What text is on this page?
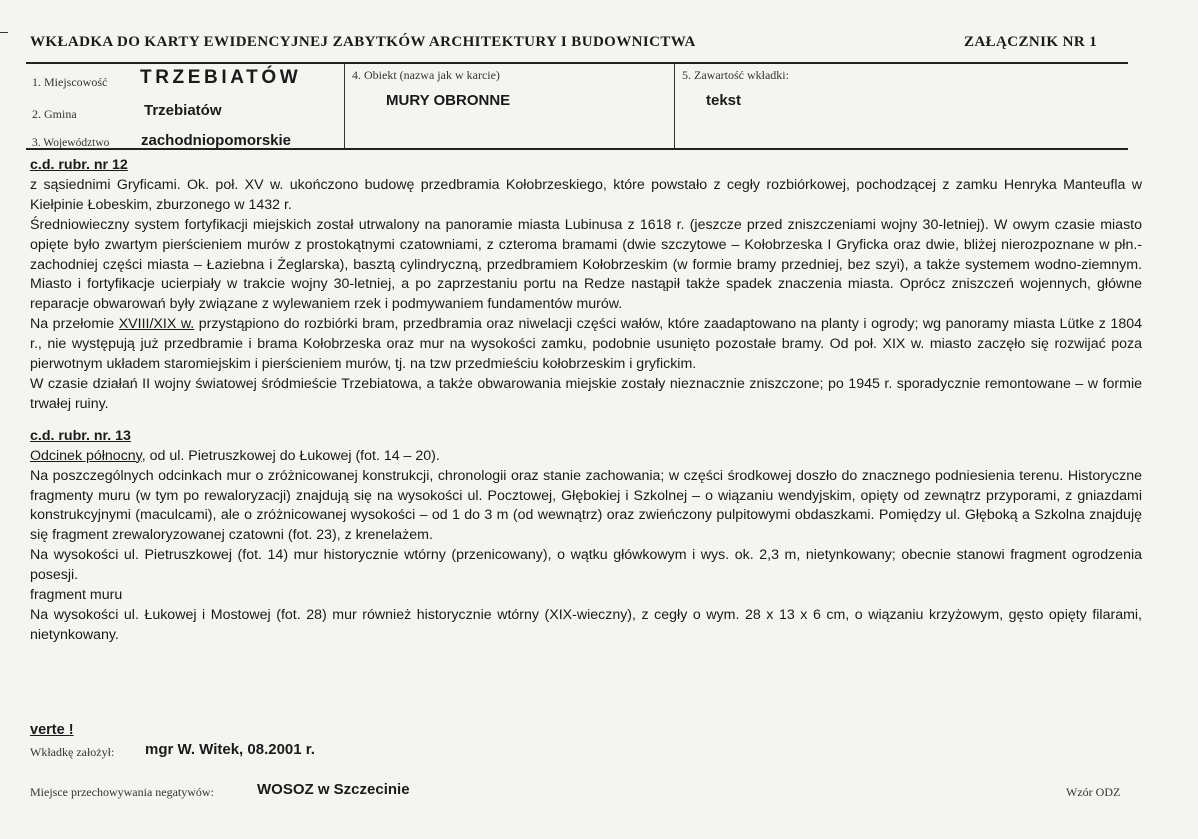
WKŁADKA DO KARTY EWIDENCYJNEJ ZABYTKÓW ARCHITEKTURY I BUDOWNICTWA	ZAŁĄCZNIK NR 1
1. Miejscowość TRZEBIATÓW
2. Gmina	Trzebiatów
3. Województwo zachodniopomorskie
4. Obiekt (nazwa jak w karcie)
MURY OBRONNE
5. Zawartość wkładki:
tekst

c.d. rubr. nr 12

z sąsiednimi Gryficami. Ok. poł. XV w. ukończono budowę przedbramia Kołobrzeskiego, które powstało z cegły rozbiórkowej, pochodzącej z zamku Henryka Manteufla w Kiełpinie Łobeskim, zburzonego w 1432 r.

Średniowieczny system fortyfikacji miejskich został utrwalony na panoramie miasta Lubinusa z 1618 r. (jeszcze przed zniszczeniami wojny 30-letniej). W owym czasie miasto opięte było zwartym pierścieniem murów z prostokątnymi czatowniami, z czteroma bramami (dwie szczytowe – Kołobrzeska I Gryficka oraz dwie, bliżej nierozpoznane w płn.-zachodniej części miasta – Łaziebna i Żeglarska), basztą cylindryczną, przedbramiem Kołobrzeskim (w formie bramy przedniej, bez szyi), a także systemem wodno-ziemnym. Miasto i fortyfikacje ucierpiały w trakcie wojny 30-letniej, a po zaprzestaniu portu na Redze nastąpił także spadek znaczenia miasta. Oprócz zniszczeń wojennych, główne reparacje obwarowań były związane z wylewaniem rzek i podmywaniem fundamentów murów.

Na przełomie XVIII/XIX w. przystąpiono do rozbiórki bram, przedbramia oraz niwelacji części wałów, które zaadaptowano na planty i ogrody; wg panoramy miasta Lütke z 1804 r., nie występują już przedbramie i brama Kołobrzeska oraz mur na wysokości zamku, podobnie usunięto pozostałe bramy. Od poł. XIX w. miasto zaczęło się rozwijać poza pierwotnym układem staromiejskim i pierścieniem murów, tj. na tzw przedmieściu kołobrzeskim i gryfickim.

W czasie działań II wojny światowej śródmieście Trzebiatowa, a także obwarowania miejskie zostały nieznacznie zniszczone; po 1945 r. sporadycznie remontowane – w formie trwałej ruiny.

c.d. rubr. nr. 13

Odcinek północny, od ul. Pietruszkowej do Łukowej (fot. 14 – 20).

Na poszczególnych odcinkach mur o zróżnicowanej konstrukcji, chronologii oraz stanie zachowania; w części środkowej doszło do znacznego podniesienia terenu. Historyczne fragmenty muru (w tym po rewaloryzacji) znajdują się na wysokości ul. Pocztowej, Głębokiej i Szkolnej – o wiązaniu wendyjskim, opięty od zewnątrz przyporami, z gniazdami konstrukcyjnymi (maculcami), ale o zróżnicowanej wysokości – od 1 do 3 m (od wewnątrz) oraz zwieńczony pulpitowymi obdaszkami. Pomiędzy ul. Głęboką a Szkolna znajduję się fragment zrewaloryzowanej czatowni (fot. 23), z krenelażem.

Na wysokości ul. Pietruszkowej (fot. 14) mur historycznie wtórny (przenicowany), o wątku główkowym i wys. ok. 2,3 m, nietynkowany; obecnie stanowi fragment ogrodzenia posesji.

fragment muru

Na wysokości ul. Łukowej i Mostowej (fot. 28) mur również historycznie wtórny (XIX-wieczny), z cegły o wym. 28 x 13 x 6 cm, o wiązaniu krzyżowym, gęsto opięty filarami, nietynkowany.

verte !
Wkładkę założył: mgr W. Witek, 08.2001 r.
Miejsce przechowywania negatywów:	WOSOZ w Szczecinie	Wzór ODZ
